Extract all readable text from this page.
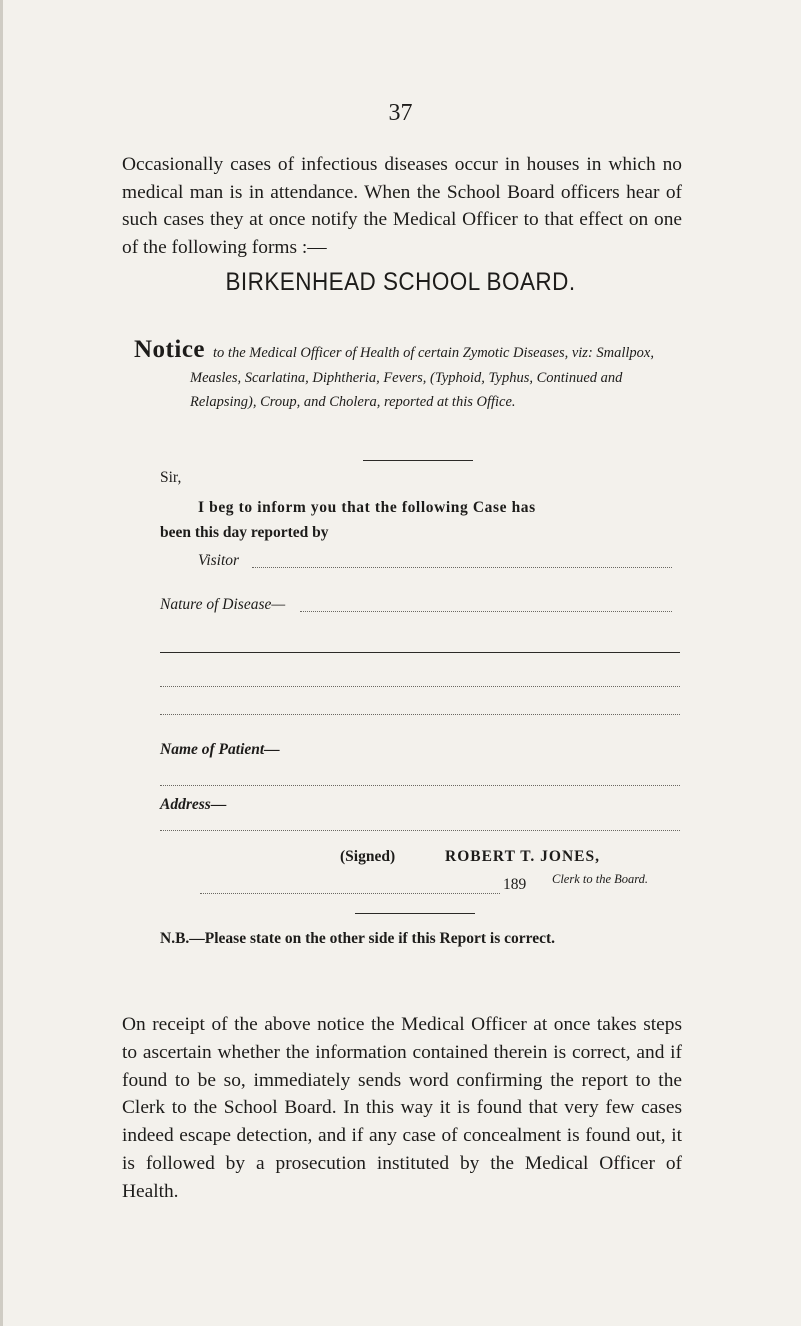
37
Occasionally cases of infectious diseases occur in houses in which no medical man is in attendance. When the School Board officers hear of such cases they at once notify the Medical Officer to that effect on one of the following forms :—
BIRKENHEAD SCHOOL BOARD.
Notice to the Medical Officer of Health of certain Zymotic Diseases, viz: Smallpox, Measles, Scarlatina, Diphtheria, Fevers, (Typhoid, Typhus, Continued and Relapsing), Croup, and Cholera, reported at this Office.
Sir,
I beg to inform you that the following Case has
been this day reported by
Visitor
Nature of Disease—
Name of Patient—
Address—
(Signed)	ROBERT T. JONES,
Clerk to the Board.
189
N.B.—Please state on the other side if this Report is correct.
On receipt of the above notice the Medical Officer at once takes steps to ascertain whether the information contained therein is correct, and if found to be so, immediately sends word confirming the report to the Clerk to the School Board. In this way it is found that very few cases indeed escape detection, and if any case of concealment is found out, it is followed by a prosecution instituted by the Medical Officer of Health.
